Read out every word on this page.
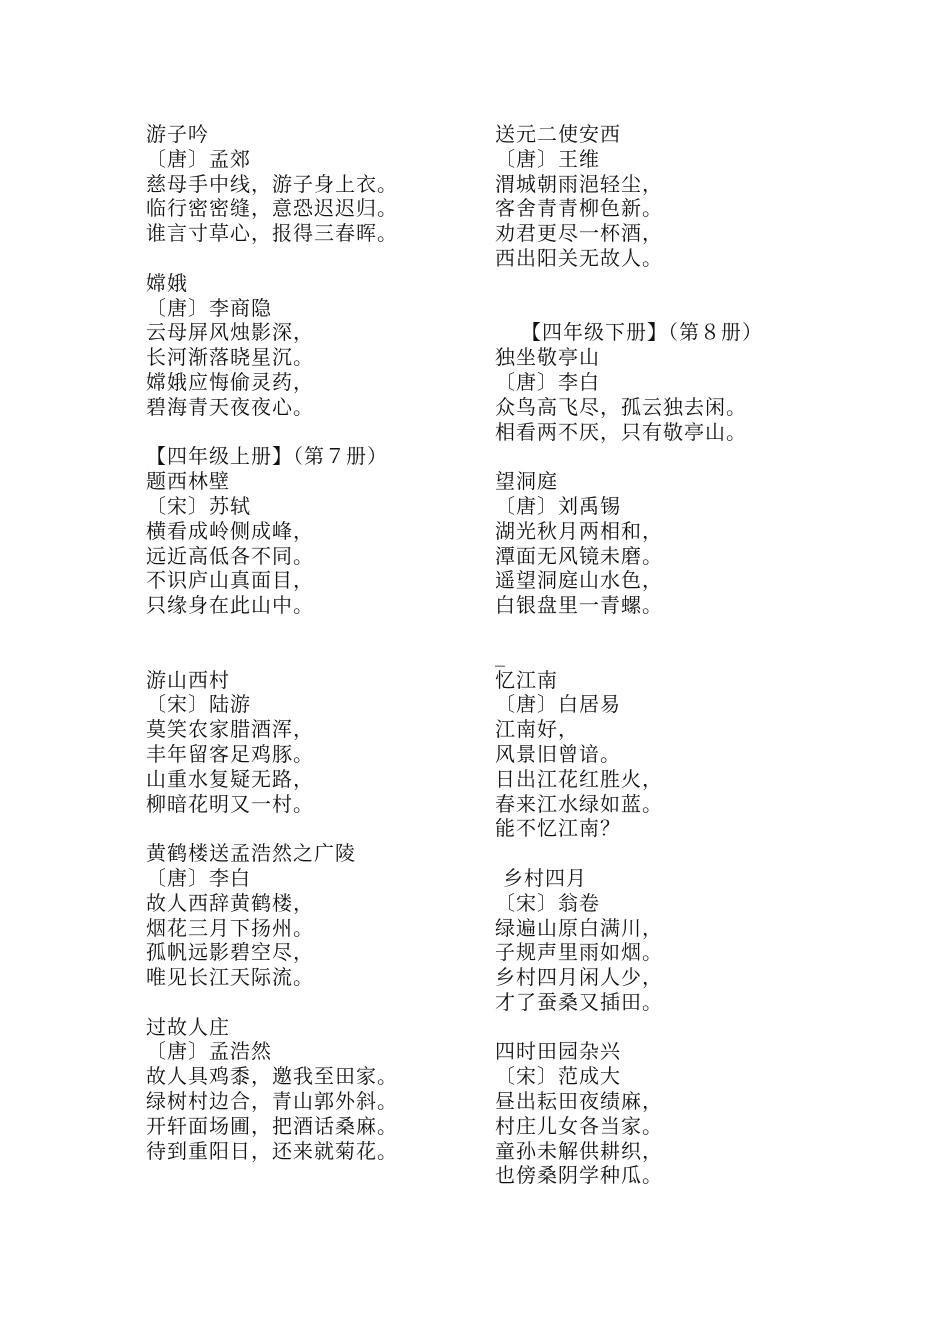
游子吟
〔唐〕孟郊
慈母手中线，游子身上衣。
临行密密缝，意恐迟迟归。
谁言寸草心，报得三春晖。
嫦娥
〔唐〕李商隐
云母屏风烛影深，
长河渐落晓星沉。
嫦娥应悔偷灵药，
碧海青天夜夜心。
【四年级上册】（第７册）
题西林壁
〔宋〕苏轼
横看成岭侧成峰，
远近高低各不同。
不识庐山真面目，
只缘身在此山中。
游山西村
〔宋〕陆游
莫笑农家腊酒浑，
丰年留客足鸡豚。
山重水复疑无路，
柳暗花明又一村。
黄鹤楼送孟浩然之广陵
〔唐〕李白
故人西辞黄鹤楼，
烟花三月下扬州。
孤帆远影碧空尽，
唯见长江天际流。
过故人庄
〔唐〕孟浩然
故人具鸡黍，邀我至田家。
绿树村边合，青山郭外斜。
开轩面场圃，把酒话桑麻。
待到重阳日，还来就菊花。
送元二使安西
〔唐〕王维
渭城朝雨浥轻尘，
客舍青青柳色新。
劝君更尽一杯酒，
西出阳关无故人。
【四年级下册】（第８册）
独坐敬亭山
〔唐〕李白
众鸟高飞尽，孤云独去闲。
相看两不厌，只有敬亭山。
望洞庭
〔唐〕刘禹锡
湖光秋月两相和，
潭面无风镜未磨。
遥望洞庭山水色，
白银盘里一青螺。
_
忆江南
〔唐〕白居易
江南好，
风景旧曾谙。
日出江花红胜火，
春来江水绿如蓝。
能不忆江南？
乡村四月
〔宋〕翁卷
绿遍山原白满川，
子规声里雨如烟。
乡村四月闲人少，
才了蚕桑又插田。
四时田园杂兴
〔宋〕范成大
昼出耘田夜绩麻，
村庄儿女各当家。
童孙未解供耕织，
也傍桑阴学种瓜。
